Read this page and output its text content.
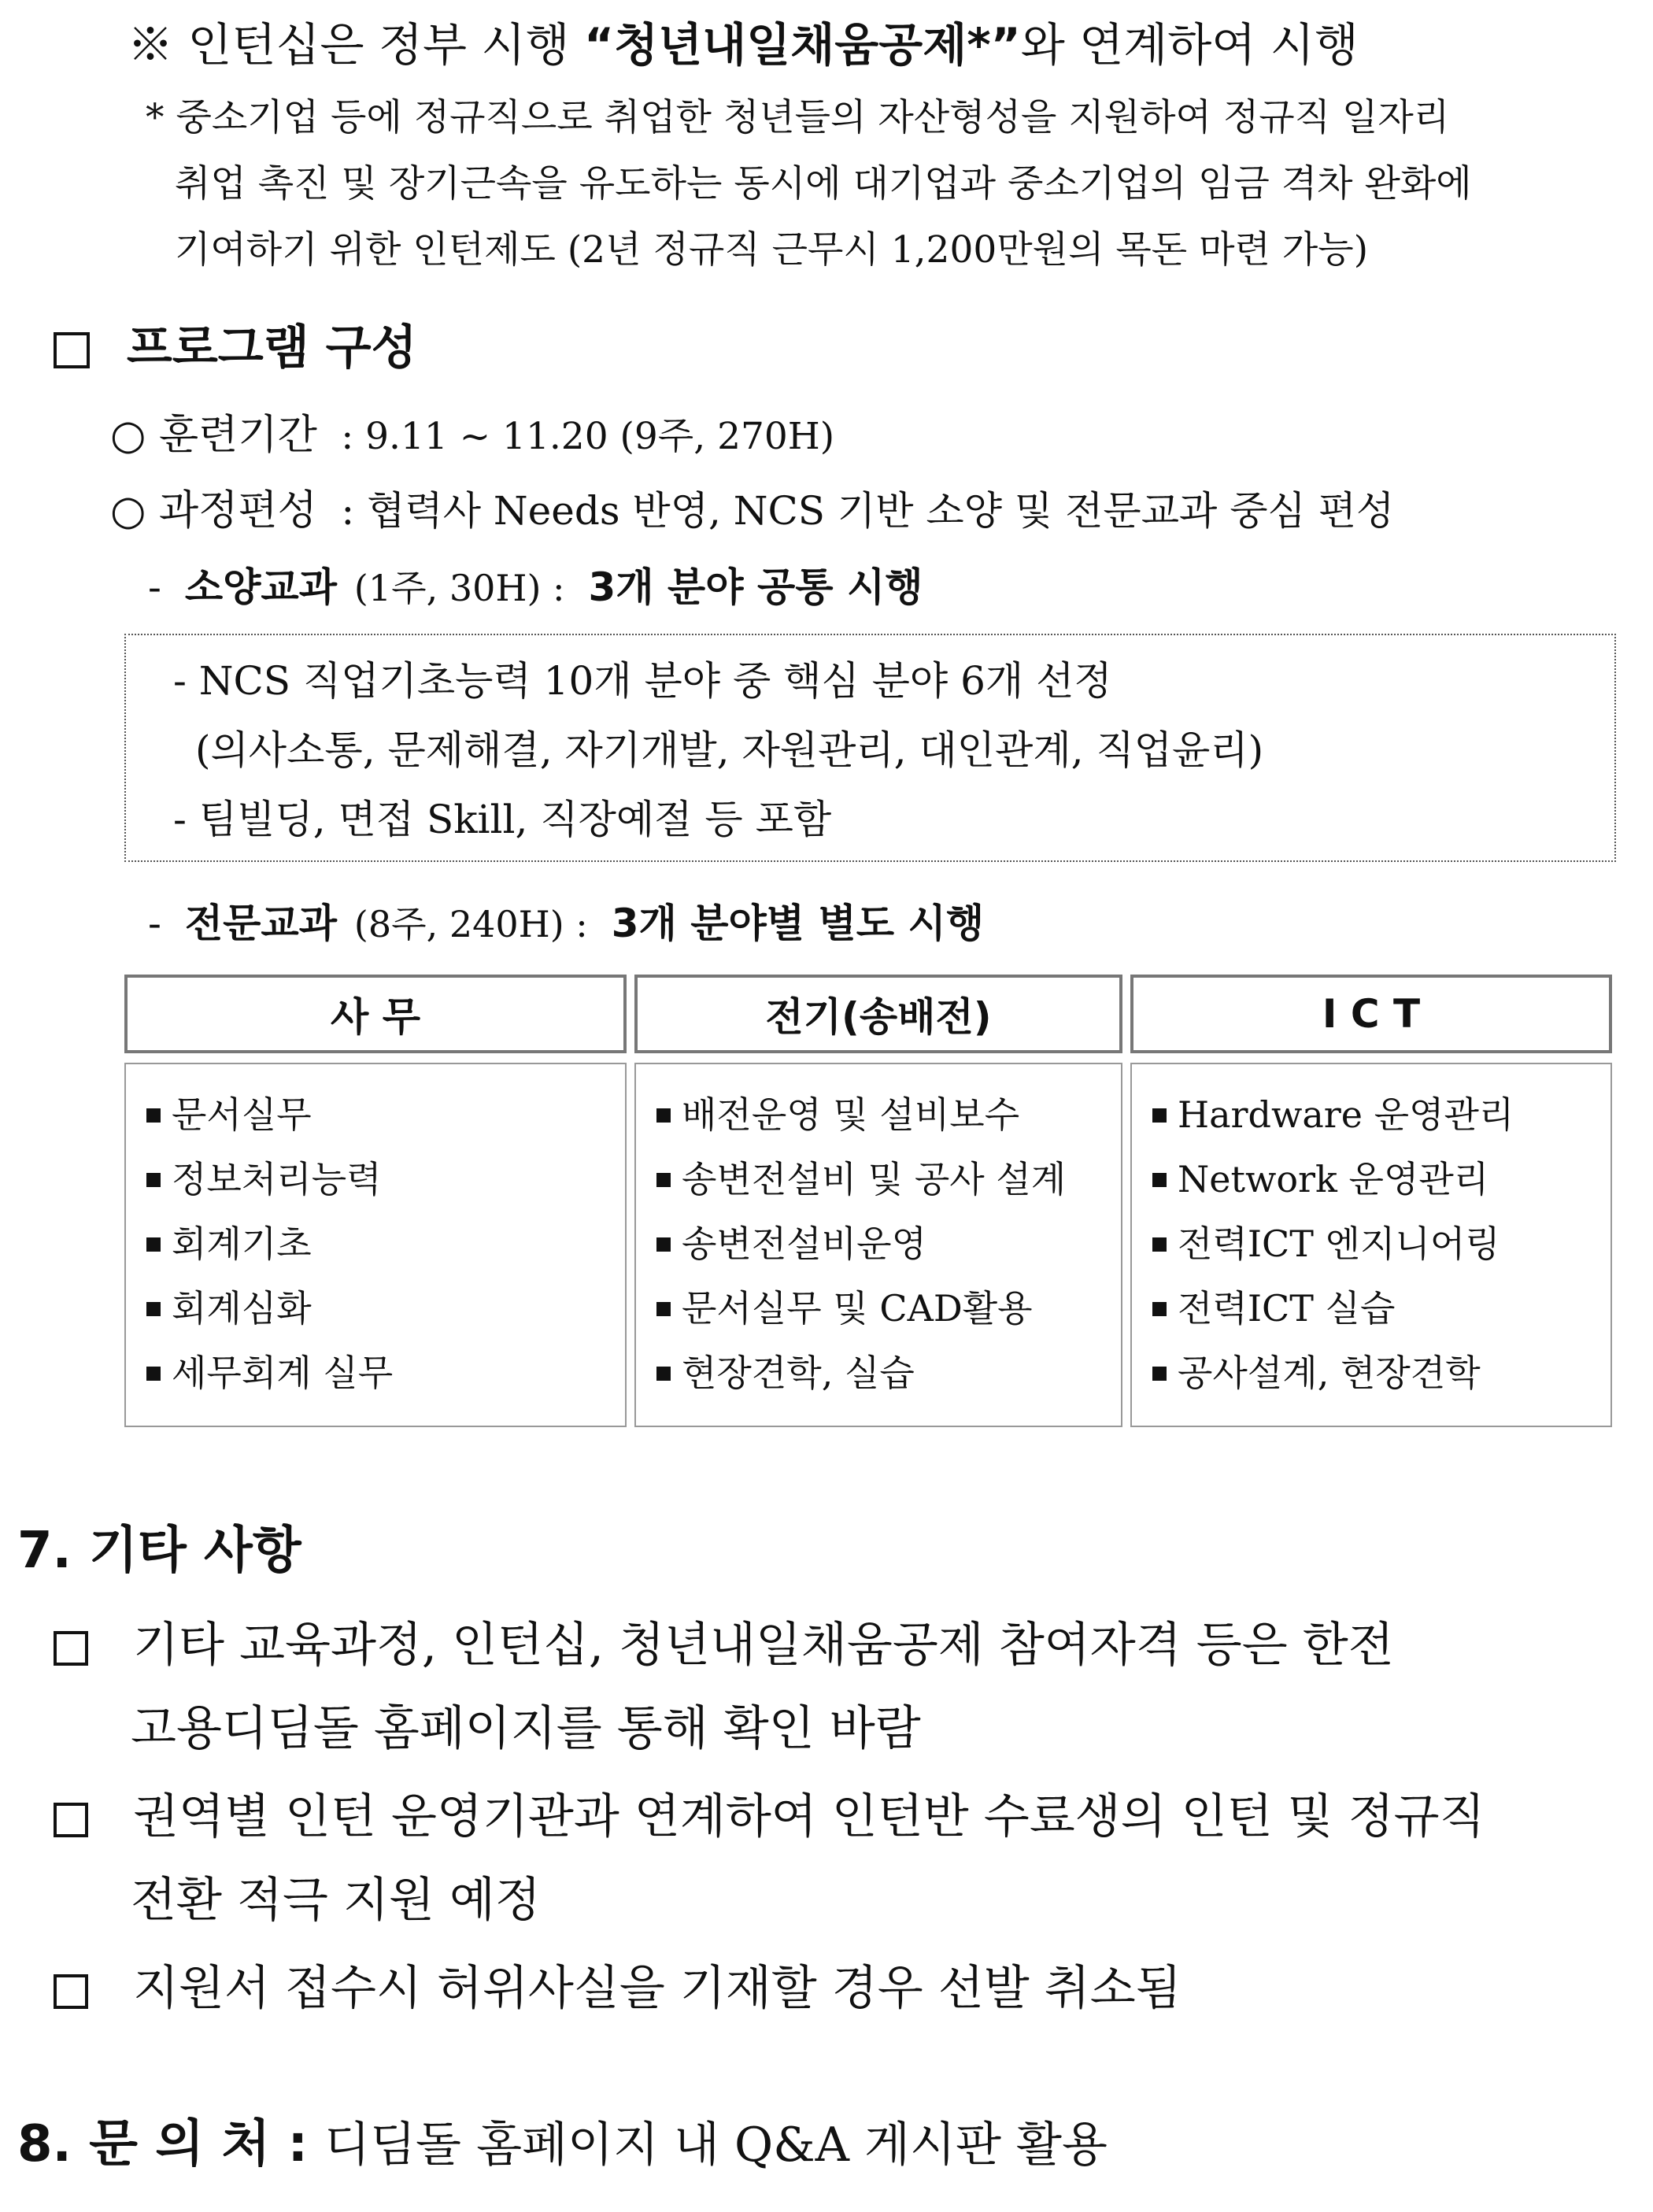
※ 인턴십은 정부 시행 “청년내일채움공제*”와 연계하여 시행
* 중소기업 등에 정규직으로 취업한 청년들의 자산형성을 지원하여 정규직 일자리
취업 촉진 및 장기근속을 유도하는 동시에 대기업과 중소기업의 임금 격차 완화에
기여하기 위한 인턴제도 (2년 정규직 근무시 1,200만원의 목돈 마련 가능)
프로그램 구성
○ 훈련기간 : 9.11 ~ 11.20 (9주, 270H)
○ 과정편성 : 협력사 Needs 반영, NCS 기반 소양 및 전문교과 중심 편성
- 소양교과 (1주, 30H) : 3개 분야 공통 시행
- NCS 직업기초능력 10개 분야 중 핵심 분야 6개 선정
(의사소통, 문제해결, 자기개발, 자원관리, 대인관계, 직업윤리)
- 팀빌딩, 면접 Skill, 직장예절 등 포함
- 전문교과 (8주, 240H) : 3개 분야별 별도 시행
사 무
문서실무
정보처리능력
회계기초
회계심화
세무회계 실무
전기(송배전)
배전운영 및 설비보수
송변전설비 및 공사 설계
송변전설비운영
문서실무 및 CAD활용
현장견학, 실습
I C T
Hardware 운영관리
Network 운영관리
전력ICT 엔지니어링
전력ICT 실습
공사설계, 현장견학
7. 기타 사항
기타 교육과정, 인턴십, 청년내일채움공제 참여자격 등은 한전
고용디딤돌 홈페이지를 통해 확인 바람
권역별 인턴 운영기관과 연계하여 인턴반 수료생의 인턴 및 정규직
전환 적극 지원 예정
지원서 접수시 허위사실을 기재할 경우 선발 취소됨
8. 문 의 처 : 디딤돌 홈페이지 내 Q&A 게시판 활용
